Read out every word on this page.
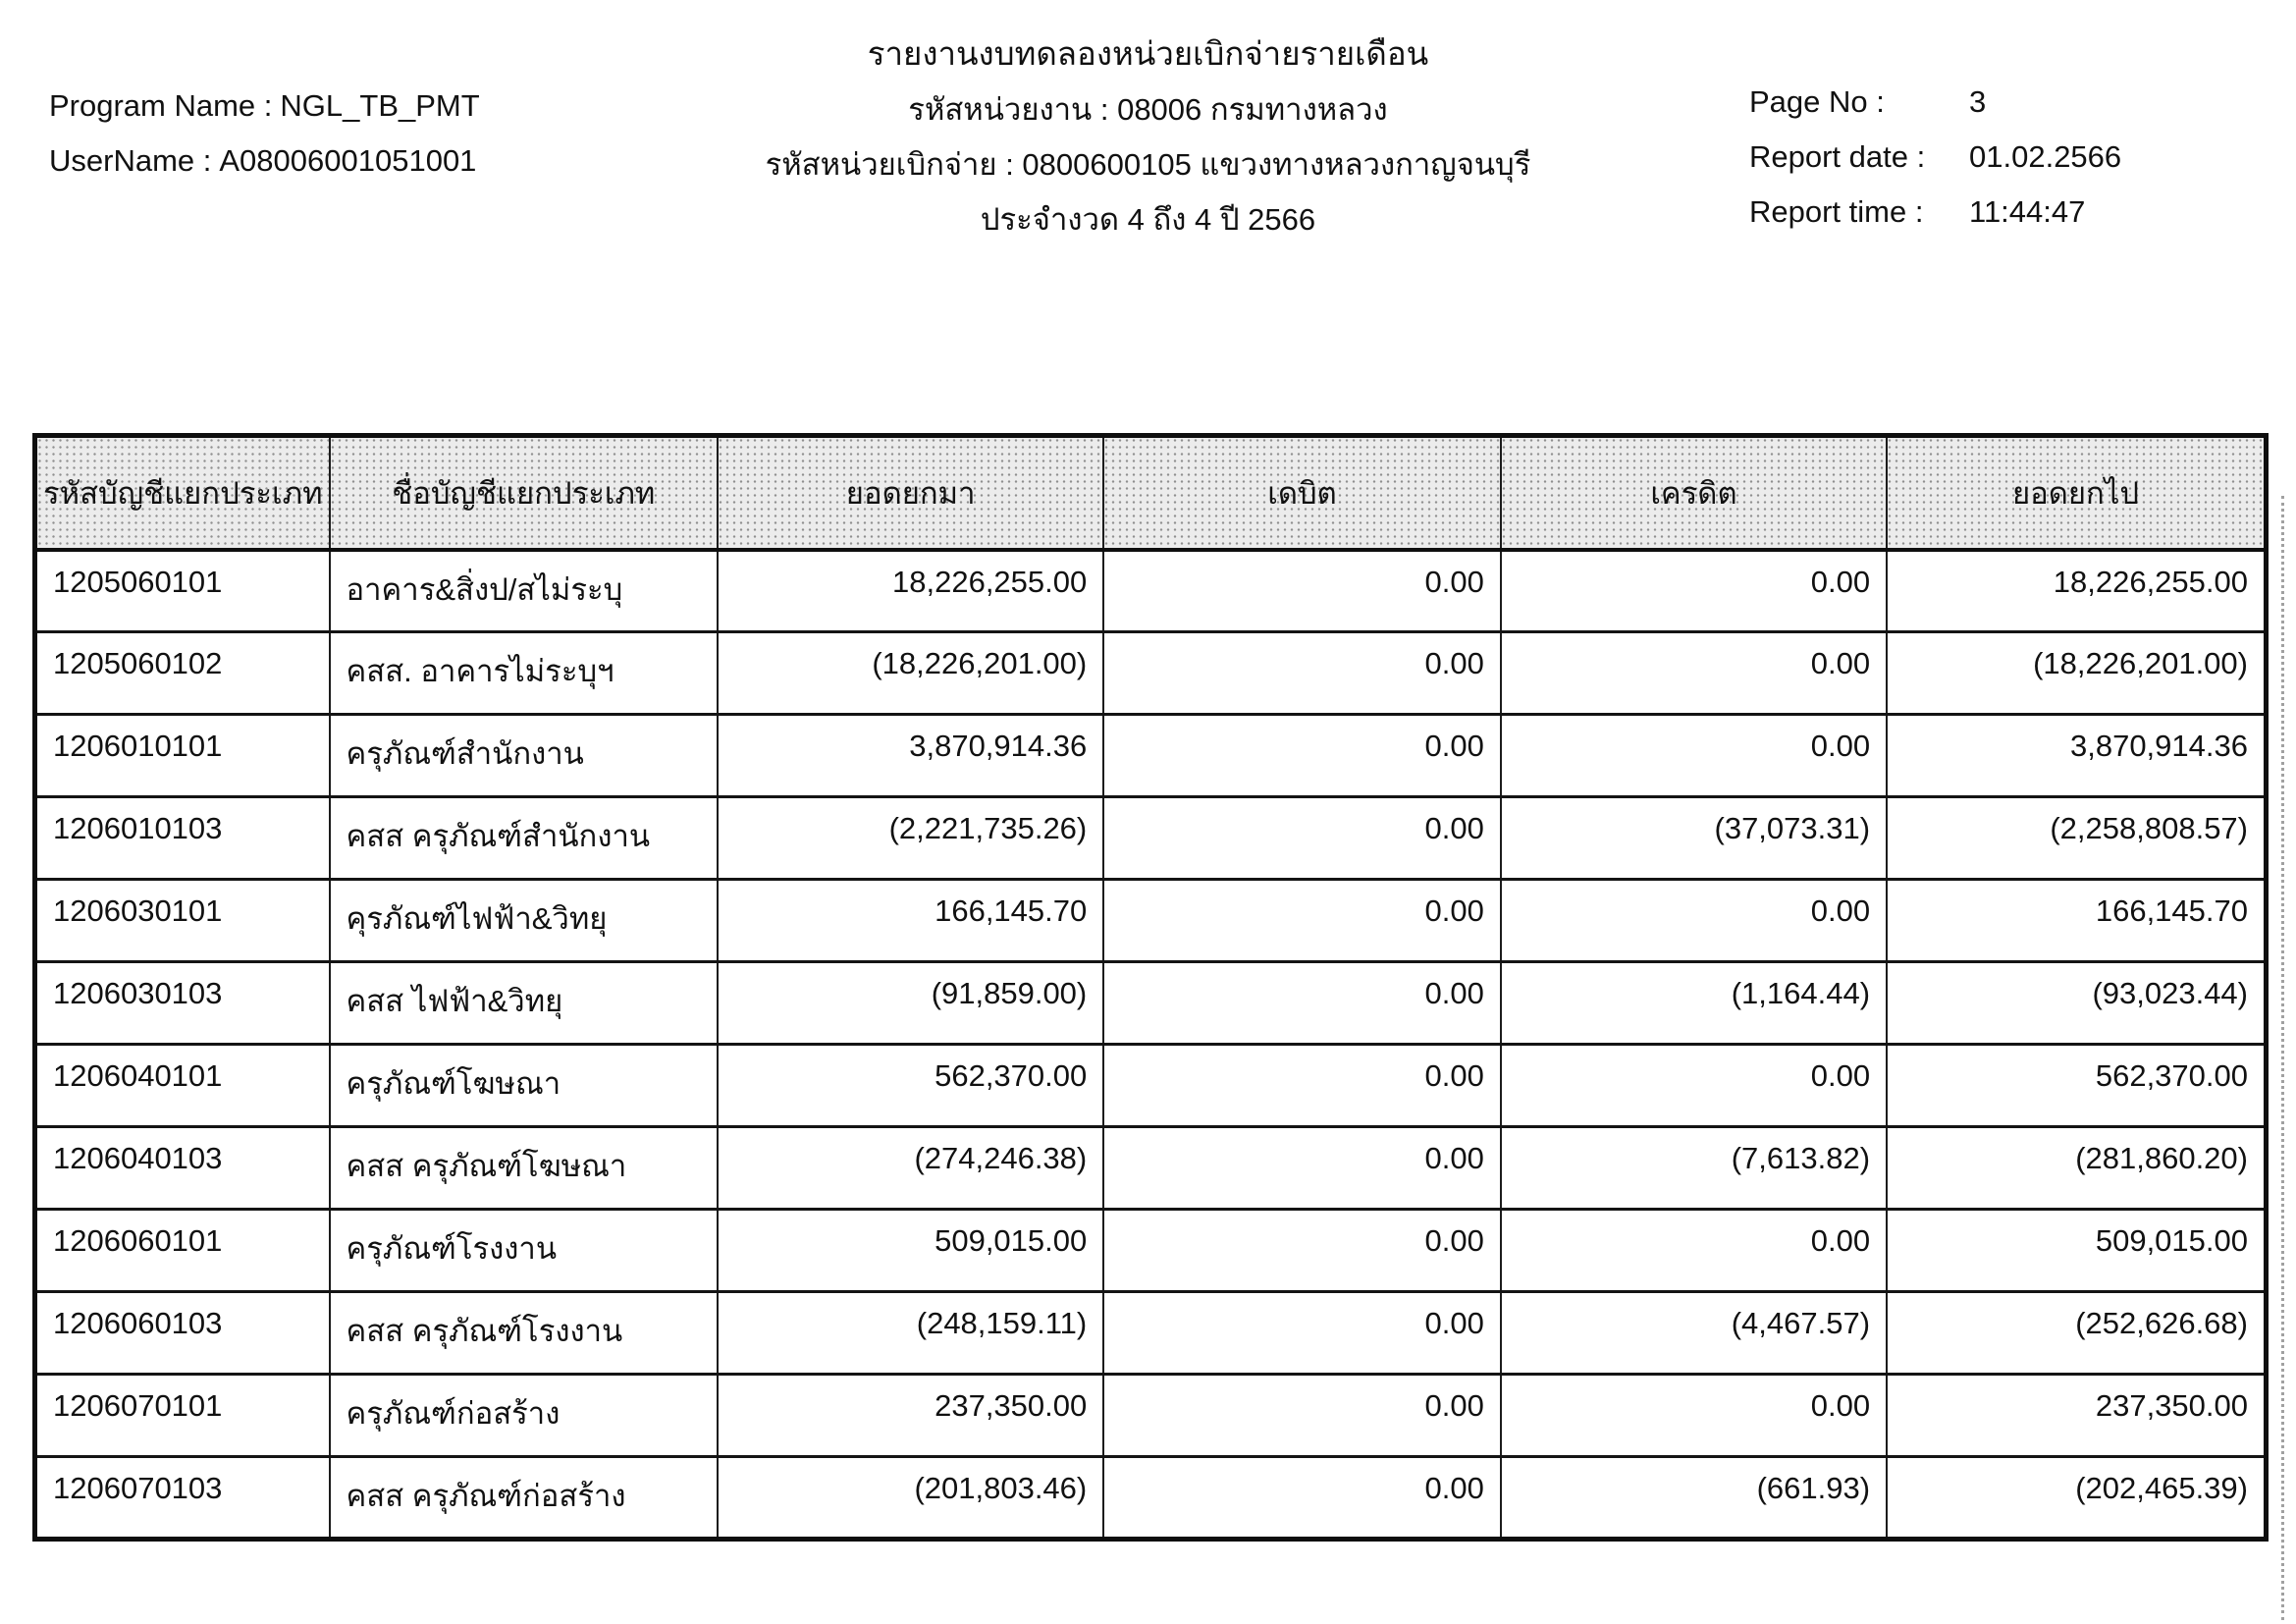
รายงานงบทดลองหน่วยเบิกจ่ายรายเดือน
Program Name : NGL_TB_PMT
UserName : A08006001051001
รหัสหน่วยงาน : 08006 กรมทางหลวง
รหัสหน่วยเบิกจ่าย : 0800600105 แขวงทางหลวงกาญจนบุรี
ประจำงวด 4 ถึง 4 ปี 2566
Page No :	3
Report date :	01.02.2566
Report time :	11:44:47
รหัสบัญชีแยกประเภท	ชื่อบัญชีแยกประเภท	ยอดยกมา	เดบิต	เครดิต	ยอดยกไป
1205060101	อาคาร&สิ่งป/สไม่ระบุ	18,226,255.00	0.00	0.00	18,226,255.00
1205060102	คสส. อาคารไม่ระบุฯ	(18,226,201.00)	0.00	0.00	(18,226,201.00)
1206010101	ครุภัณฑ์สำนักงาน	3,870,914.36	0.00	0.00	3,870,914.36
1206010103	คสส ครุภัณฑ์สำนักงาน	(2,221,735.26)	0.00	(37,073.31)	(2,258,808.57)
1206030101	คุรภัณฑ์ไฟฟ้า&วิทยุ	166,145.70	0.00	0.00	166,145.70
1206030103	คสส ไฟฟ้า&วิทยุ	(91,859.00)	0.00	(1,164.44)	(93,023.44)
1206040101	ครุภัณฑ์โฆษณา	562,370.00	0.00	0.00	562,370.00
1206040103	คสส ครุภัณฑ์โฆษณา	(274,246.38)	0.00	(7,613.82)	(281,860.20)
1206060101	ครุภัณฑ์โรงงาน	509,015.00	0.00	0.00	509,015.00
1206060103	คสส ครุภัณฑ์โรงงาน	(248,159.11)	0.00	(4,467.57)	(252,626.68)
1206070101	ครุภัณฑ์ก่อสร้าง	237,350.00	0.00	0.00	237,350.00
1206070103	คสส ครุภัณฑ์ก่อสร้าง	(201,803.46)	0.00	(661.93)	(202,465.39)
